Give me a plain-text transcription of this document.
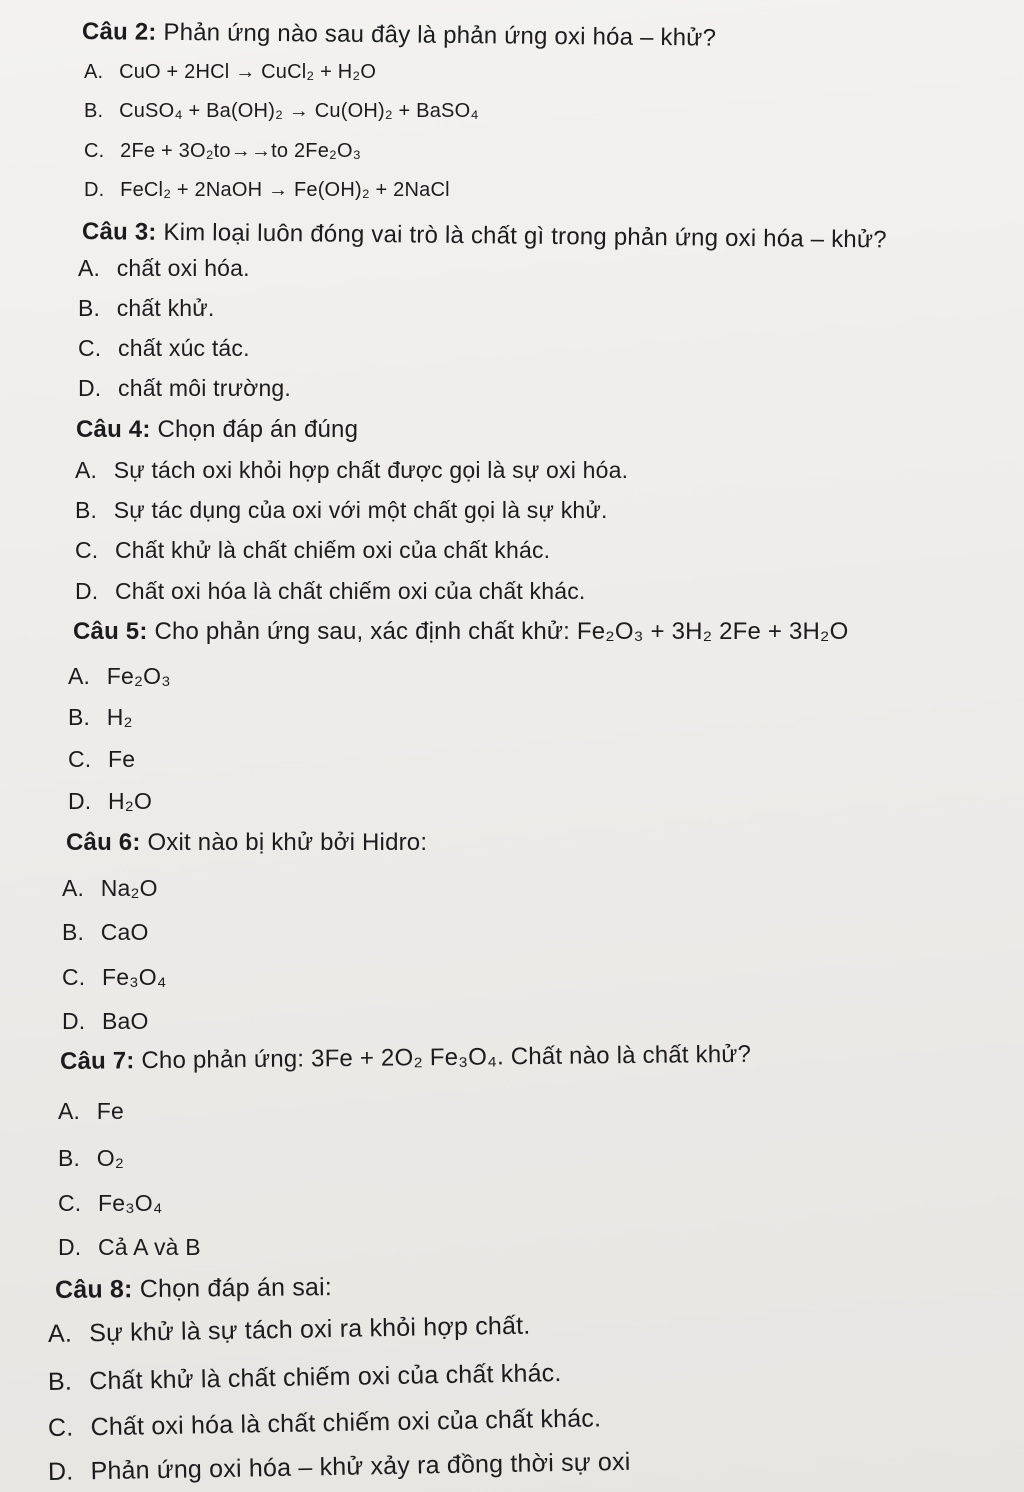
Câu 2: Phản ứng nào sau đây là phản ứng oxi hóa – khử?
A. CuO + 2HCl → CuCl₂ + H₂O
B. CuSO₄ + Ba(OH)₂ → Cu(OH)₂ + BaSO₄
C. 2Fe + 3O₂to→→to 2Fe₂O₃
D. FeCl₂ + 2NaOH → Fe(OH)₂ + 2NaCl
Câu 3: Kim loại luôn đóng vai trò là chất gì trong phản ứng oxi hóa – khử?
A. chất oxi hóa.
B. chất khử.
C. chất xúc tác.
D. chất môi trường.
Câu 4: Chọn đáp án đúng
A. Sự tách oxi khỏi hợp chất được gọi là sự oxi hóa.
B. Sự tác dụng của oxi với một chất gọi là sự khử.
C. Chất khử là chất chiếm oxi của chất khác.
D. Chất oxi hóa là chất chiếm oxi của chất khác.
Câu 5: Cho phản ứng sau, xác định chất khử: Fe₂O₃ + 3H₂ 2Fe + 3H₂O
A. Fe₂O₃
B. H₂
C. Fe
D. H₂O
Câu 6: Oxit nào bị khử bởi Hidro:
A. Na₂O
B. CaO
C. Fe₃O₄
D. BaO
Câu 7: Cho phản ứng: 3Fe + 2O₂ Fe₃O₄. Chất nào là chất khử?
A. Fe
B. O₂
C. Fe₃O₄
D. Cả A và B
Câu 8: Chọn đáp án sai:
A. Sự khử là sự tách oxi ra khỏi hợp chất.
B. Chất khử là chất chiếm oxi của chất khác.
C. Chất oxi hóa là chất chiếm oxi của chất khác.
D. Phản ứng oxi hóa – khử xảy ra đồng thời sự oxi
